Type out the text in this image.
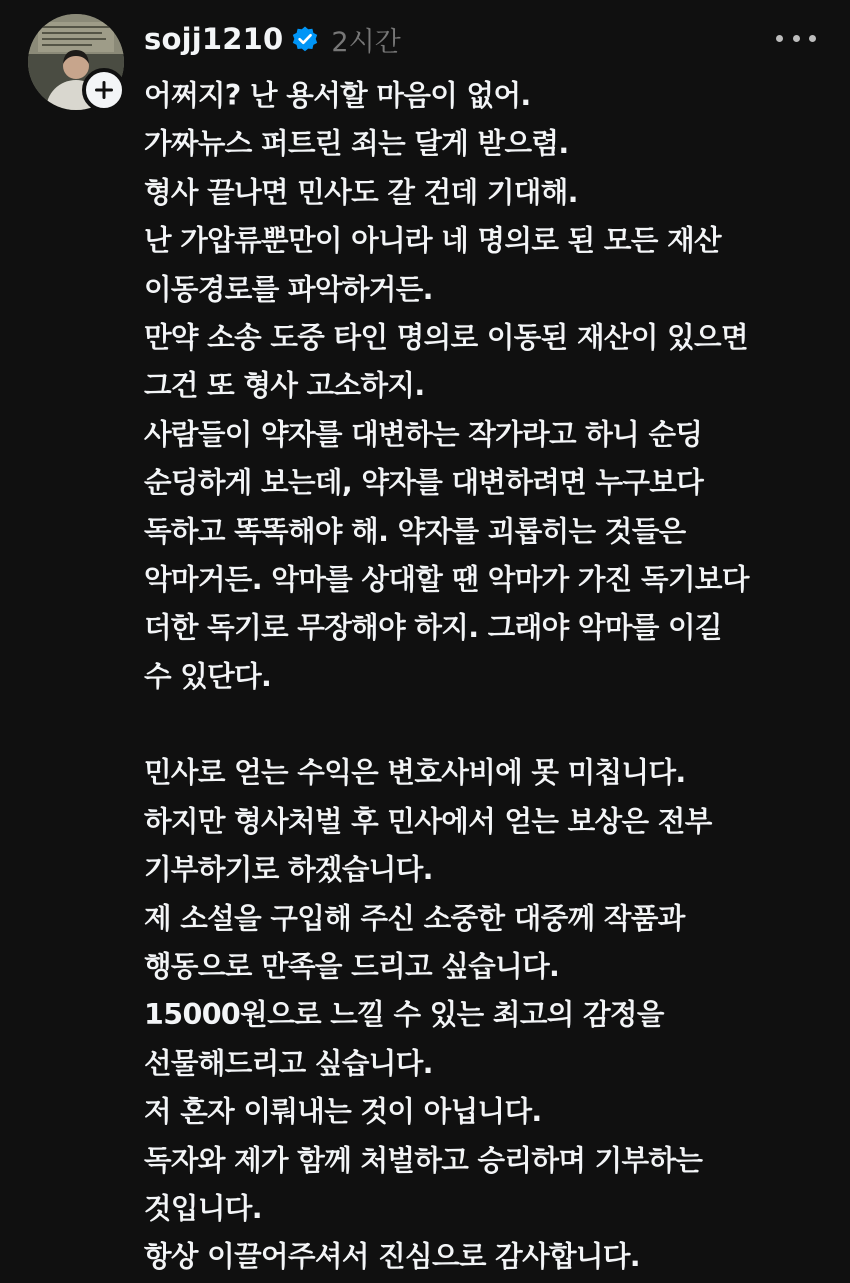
sojj1210 2시간
어쩌지? 난 용서할 마음이 없어.
가짜뉴스 퍼트린 죄는 달게 받으렴.
형사 끝나면 민사도 갈 건데 기대해.
난 가압류뿐만이 아니라 네 명의로 된 모든 재산
이동경로를 파악하거든.
만약 소송 도중 타인 명의로 이동된 재산이 있으면
그건 또 형사 고소하지.
사람들이 약자를 대변하는 작가라고 하니 순딩
순딩하게 보는데, 약자를 대변하려면 누구보다
독하고 똑똑해야 해. 약자를 괴롭히는 것들은
악마거든. 악마를 상대할 땐 악마가 가진 독기보다
더한 독기로 무장해야 하지. 그래야 악마를 이길
수 있단다.
민사로 얻는 수익은 변호사비에 못 미칩니다.
하지만 형사처벌 후 민사에서 얻는 보상은 전부
기부하기로 하겠습니다.
제 소설을 구입해 주신 소중한 대중께 작품과
행동으로 만족을 드리고 싶습니다.
15000원으로 느낄 수 있는 최고의 감정을
선물해드리고 싶습니다.
저 혼자 이뤄내는 것이 아닙니다.
독자와 제가 함께 처벌하고 승리하며 기부하는
것입니다.
항상 이끌어주셔서 진심으로 감사합니다.
